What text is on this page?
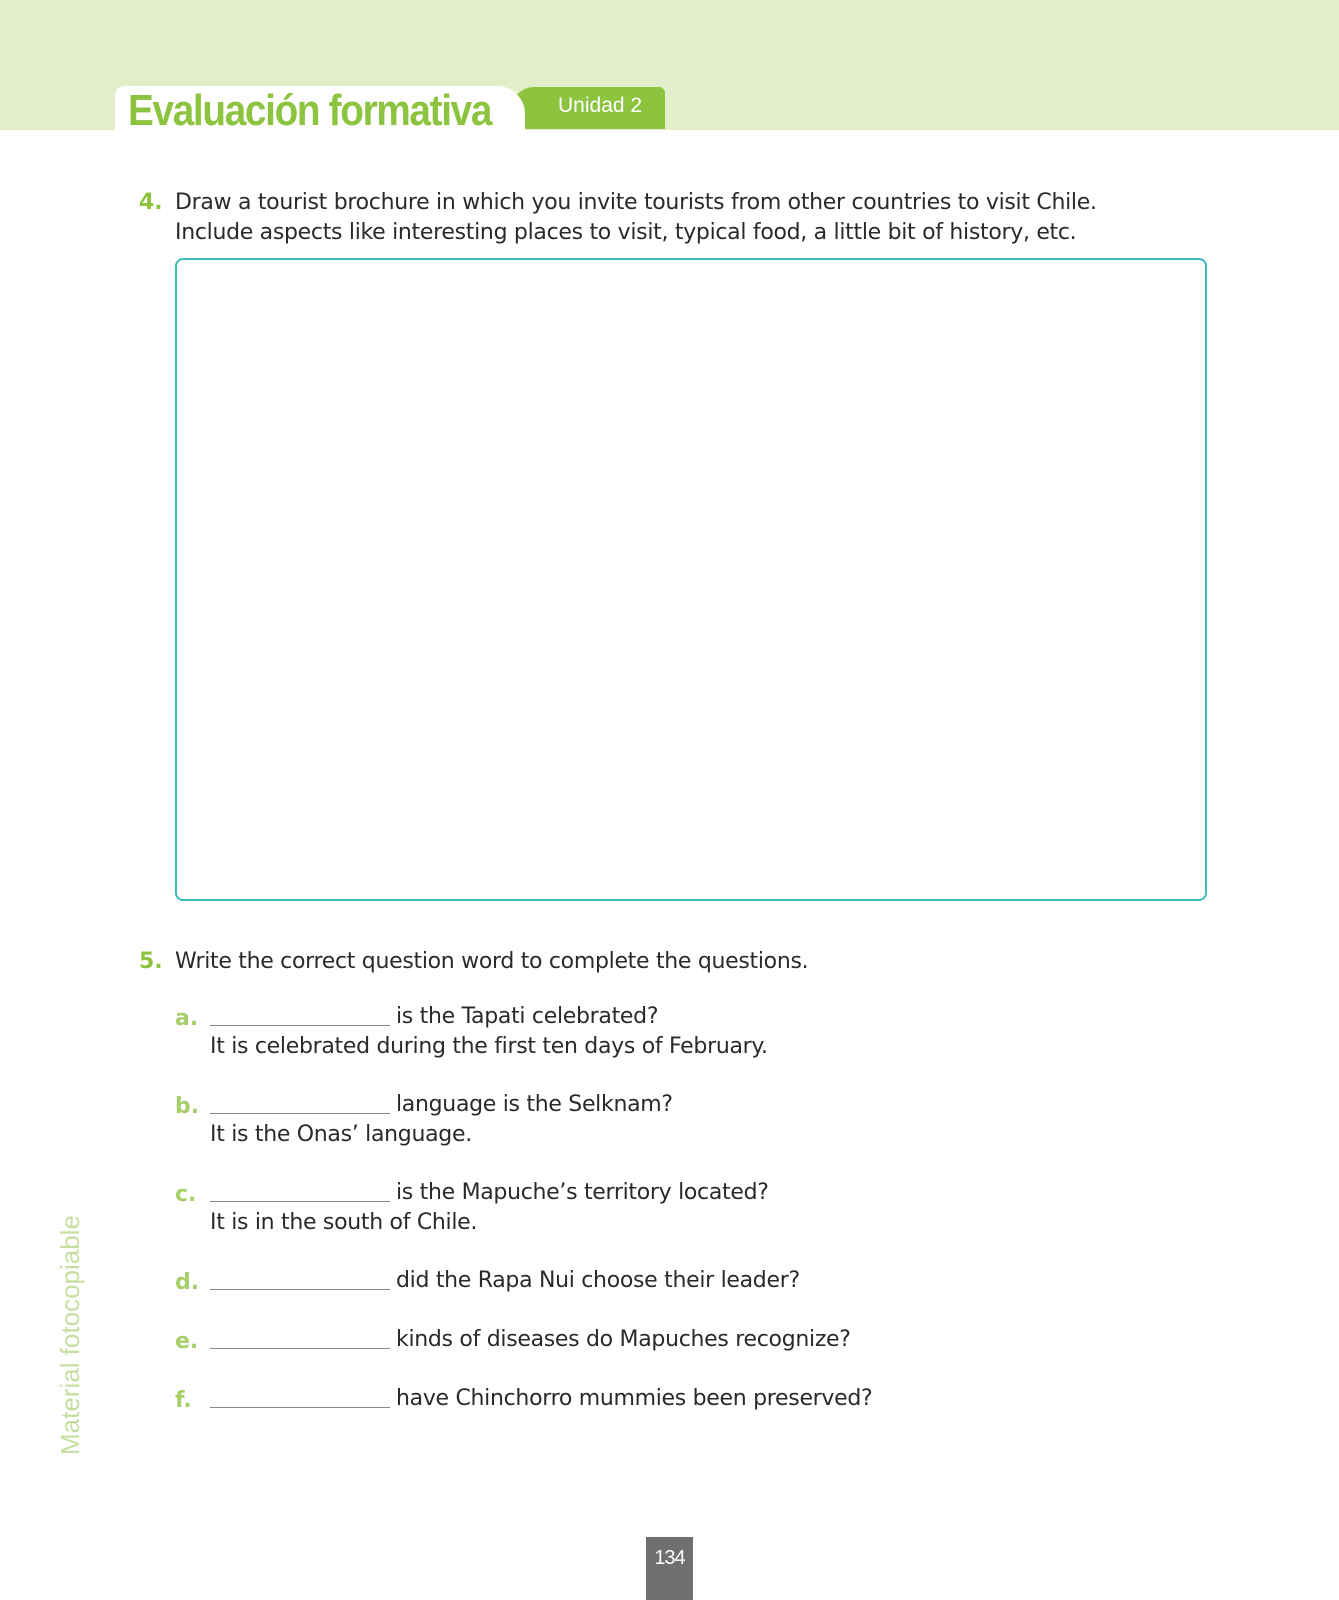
Evaluación formativa	Unidad 2
4. Draw a tourist brochure in which you invite tourists from other countries to visit Chile.
Include aspects like interesting places to visit, typical food, a little bit of history, etc.
5. Write the correct question word to complete the questions.
a.	is the Tapati celebrated?
It is celebrated during the first ten days of February.
b.	language is the Selknam?
It is the Onas’ language.
c.	is the Mapuche’s territory located?
It is in the south of Chile.
d.	did the Rapa Nui choose their leader?
e.	kinds of diseases do Mapuches recognize?
f.	have Chinchorro mummies been preserved?
Material fotocopiable
134
